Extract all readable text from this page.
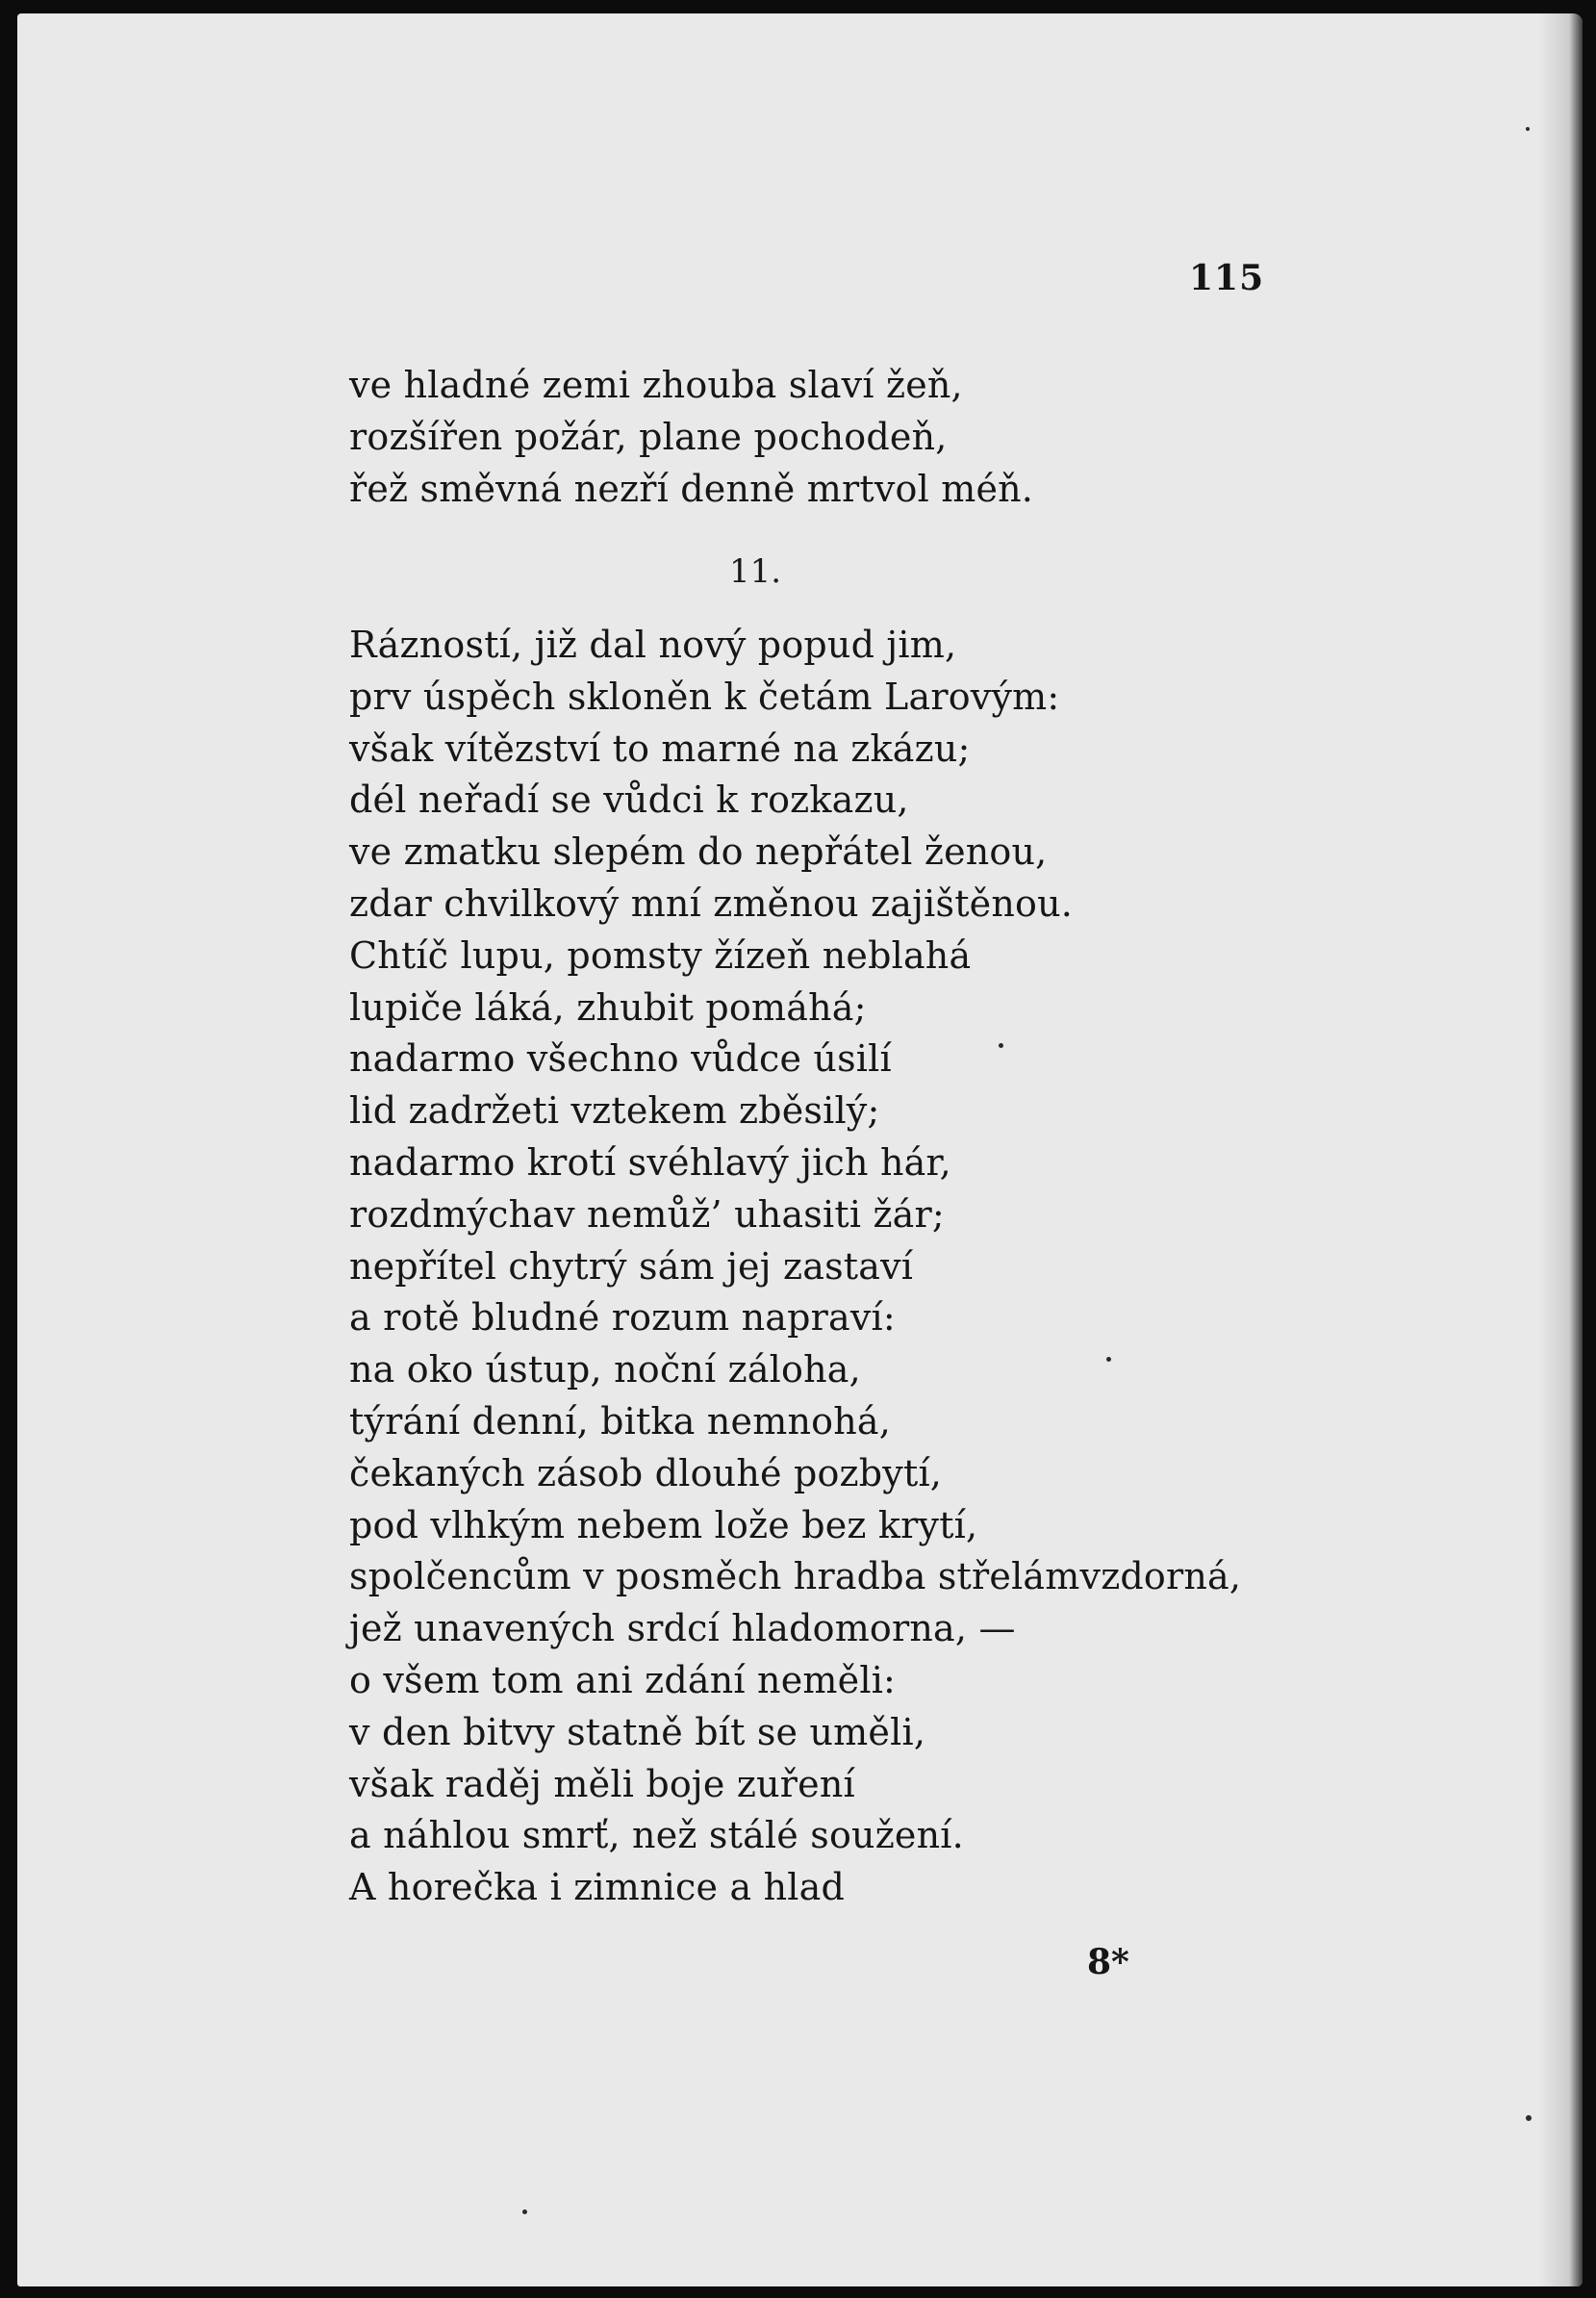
115
ve hladné zemi zhouba slaví žeň,
rozšířen požár, plane pochodeň,
řež směvná nezří denně mrtvol méň.
11.
Rázností, již dal nový popud jim,
prv úspěch skloněn k četám Larovým:
však vítězství to marné na zkázu;
dél neřadí se vůdci k rozkazu,
ve zmatku slepém do nepřátel ženou,
zdar chvilkový mní změnou zajištěnou.
Chtíč lupu, pomsty žízeň neblahá
lupiče láká, zhubit pomáhá;
nadarmo všechno vůdce úsilí
lid zadržeti vztekem zběsilý;
nadarmo krotí svéhlavý jich hár,
rozdmýchav nemůž’ uhasiti žár;
nepřítel chytrý sám jej zastaví
a rotě bludné rozum napraví:
na oko ústup, noční záloha,
týrání denní, bitka nemnohá,
čekaných zásob dlouhé pozbytí,
pod vlhkým nebem lože bez krytí,
spolčencům v posměch hradba střelámvzdorná,
jež unavených srdcí hladomorna, —
o všem tom ani zdání neměli:
v den bitvy statně bít se uměli,
však raděj měli boje zuření
a náhlou smrť, než stálé soužení.
A horečka i zimnice a hlad
8*
